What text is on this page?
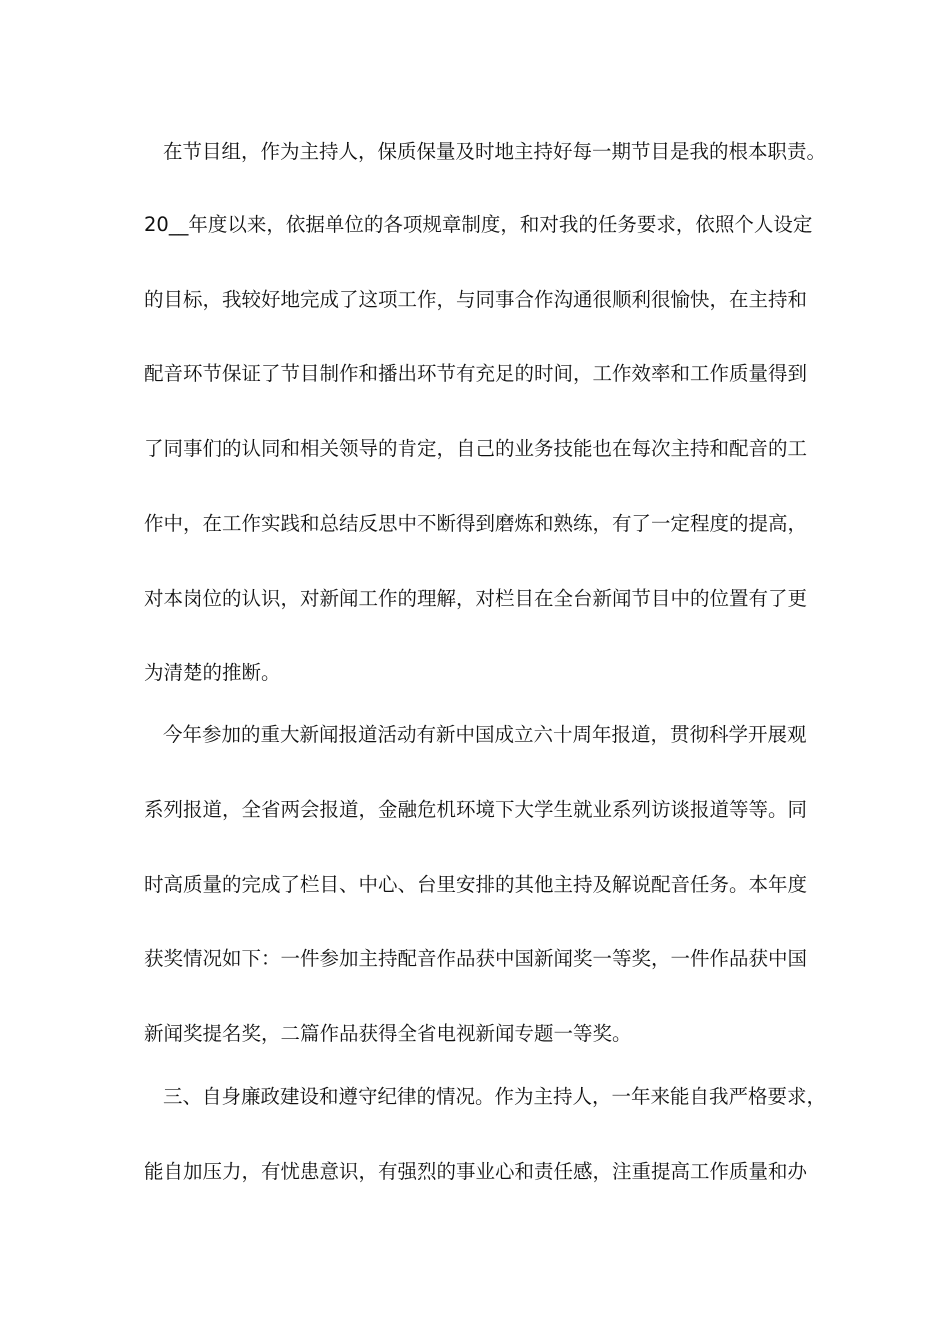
在节目组，作为主持人，保质保量及时地主持好每一期节目是我的根本职责。
20__年度以来，依据单位的各项规章制度，和对我的任务要求，依照个人设定
的目标，我较好地完成了这项工作，与同事合作沟通很顺利很愉快，在主持和
配音环节保证了节目制作和播出环节有充足的时间，工作效率和工作质量得到
了同事们的认同和相关领导的肯定，自己的业务技能也在每次主持和配音的工
作中，在工作实践和总结反思中不断得到磨炼和熟练，有了一定程度的提高，
对本岗位的认识，对新闻工作的理解，对栏目在全台新闻节目中的位置有了更
为清楚的推断。
今年参加的重大新闻报道活动有新中国成立六十周年报道，贯彻科学开展观
系列报道，全省两会报道，金融危机环境下大学生就业系列访谈报道等等。同
时高质量的完成了栏目、中心、台里安排的其他主持及解说配音任务。本年度
获奖情况如下：一件参加主持配音作品获中国新闻奖一等奖，一件作品获中国
新闻奖提名奖，二篇作品获得全省电视新闻专题一等奖。
三、自身廉政建设和遵守纪律的情况。作为主持人，一年来能自我严格要求，
能自加压力，有忧患意识，有强烈的事业心和责任感，注重提高工作质量和办
